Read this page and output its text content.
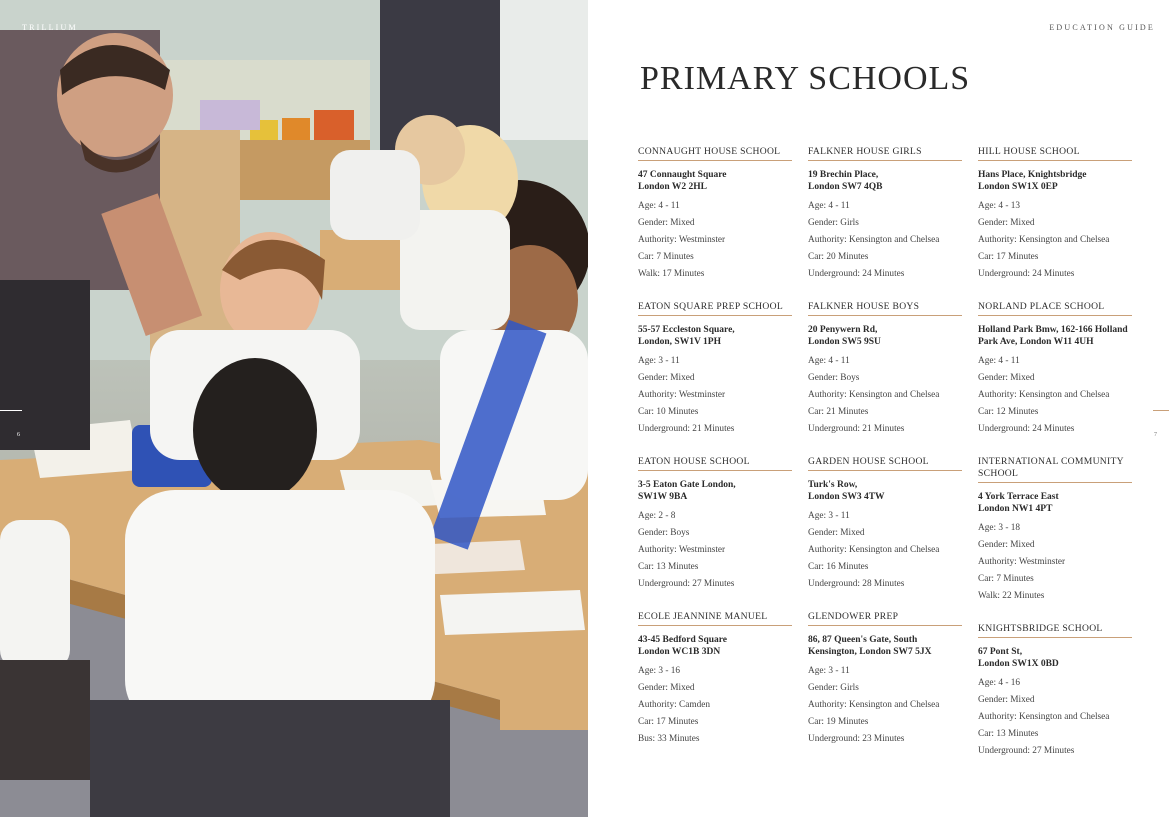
TRILLIUM
6
EDUCATION GUIDE
PRIMARY SCHOOLS
7
CONNAUGHT HOUSE SCHOOL
47 Connaught Square
London W2 2HL
Age: 4 - 11
Gender: Mixed
Authority: Westminster
Car: 7 Minutes
Walk: 17 Minutes
EATON SQUARE PREP SCHOOL
55-57 Eccleston Square,
London, SW1V 1PH
Age: 3 - 11
Gender: Mixed
Authority: Westminster
Car: 10 Minutes
Underground: 21 Minutes
EATON HOUSE SCHOOL
3-5 Eaton Gate London,
SW1W 9BA
Age: 2 - 8
Gender: Boys
Authority: Westminster
Car: 13 Minutes
Underground: 27 Minutes
ECOLE JEANNINE MANUEL
43-45 Bedford Square
London WC1B 3DN
Age: 3 - 16
Gender: Mixed
Authority: Camden
Car: 17 Minutes
Bus: 33 Minutes
FALKNER HOUSE GIRLS
19 Brechin Place,
London SW7 4QB
Age: 4 - 11
Gender: Girls
Authority: Kensington and Chelsea
Car: 20 Minutes
Underground: 24 Minutes
FALKNER HOUSE BOYS
20 Penywern Rd,
London SW5 9SU
Age: 4 - 11
Gender: Boys
Authority: Kensington and Chelsea
Car: 21 Minutes
Underground: 21 Minutes
GARDEN HOUSE SCHOOL
Turk's Row,
London SW3 4TW
Age: 3 - 11
Gender: Mixed
Authority: Kensington and Chelsea
Car: 16 Minutes
Underground: 28 Minutes
GLENDOWER PREP
86, 87 Queen's Gate, South
Kensington, London SW7 5JX
Age: 3 - 11
Gender: Girls
Authority: Kensington and Chelsea
Car: 19 Minutes
Underground: 23 Minutes
HILL HOUSE SCHOOL
Hans Place, Knightsbridge
London SW1X 0EP
Age: 4 - 13
Gender: Mixed
Authority: Kensington and Chelsea
Car: 17 Minutes
Underground: 24 Minutes
NORLAND PLACE SCHOOL
Holland Park Bmw, 162-166 Holland
Park Ave, London W11 4UH
Age: 4 - 11
Gender: Mixed
Authority: Kensington and Chelsea
Car: 12 Minutes
Underground: 24 Minutes
INTERNATIONAL COMMUNITY SCHOOL
4 York Terrace East
London NW1 4PT
Age: 3 - 18
Gender: Mixed
Authority: Westminster
Car: 7 Minutes
Walk: 22 Minutes
KNIGHTSBRIDGE SCHOOL
67 Pont St,
London SW1X 0BD
Age: 4 - 16
Gender: Mixed
Authority: Kensington and Chelsea
Car: 13 Minutes
Underground: 27 Minutes
